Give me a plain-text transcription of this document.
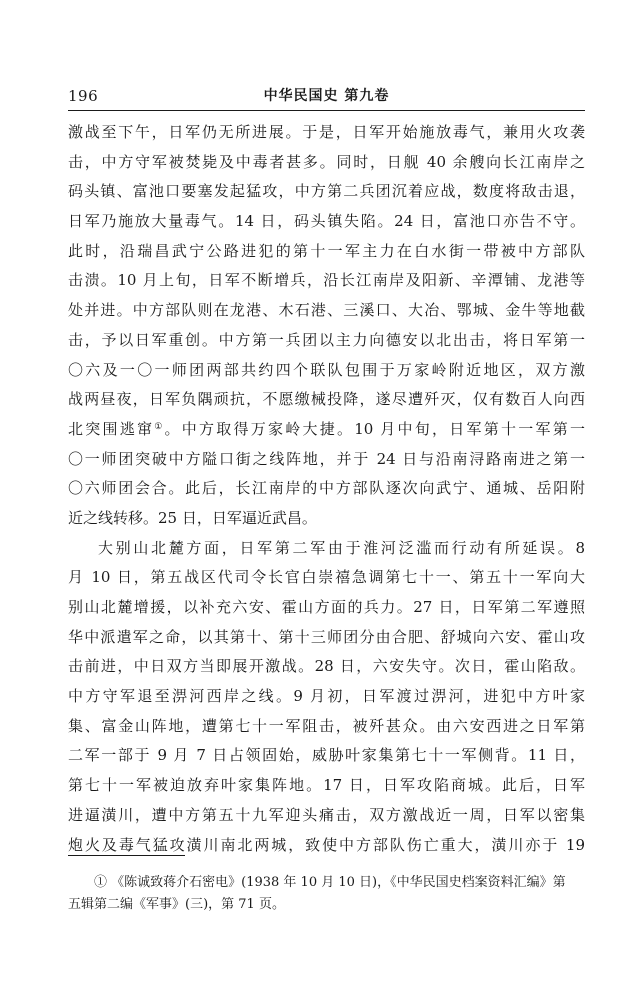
196	中华民国史 第九卷
激战至下午，日军仍无所进展。于是，日军开始施放毒气，兼用火攻袭
击，中方守军被焚毙及中毒者甚多。同时，日舰 40 余艘向长江南岸之
码头镇、富池口要塞发起猛攻，中方第二兵团沉着应战，数度将敌击退，
日军乃施放大量毒气。14 日，码头镇失陷。24 日，富池口亦告不守。
此时，沿瑞昌武宁公路进犯的第十一军主力在白水街一带被中方部队
击溃。10 月上旬，日军不断增兵，沿长江南岸及阳新、辛潭铺、龙港等
处并进。中方部队则在龙港、木石港、三溪口、大冶、鄂城、金牛等地截
击，予以日军重创。中方第一兵团以主力向德安以北出击，将日军第一
〇六及一〇一师团两部共约四个联队包围于万家岭附近地区，双方激
战两昼夜，日军负隅顽抗，不愿缴械投降，遂尽遭歼灭，仅有数百人向西
北突围逃窜①。中方取得万家岭大捷。10 月中旬，日军第十一军第一
〇一师团突破中方隘口街之线阵地，并于 24 日与沿南浔路南进之第一
〇六师团会合。此后，长江南岸的中方部队逐次向武宁、通城、岳阳附
近之线转移。25 日，日军逼近武昌。
大别山北麓方面，日军第二军由于淮河泛滥而行动有所延误。8
月 10 日，第五战区代司令长官白崇禧急调第七十一、第五十一军向大
别山北麓增援，以补充六安、霍山方面的兵力。27 日，日军第二军遵照
华中派遣军之命，以其第十、第十三师团分由合肥、舒城向六安、霍山攻
击前进，中日双方当即展开激战。28 日，六安失守。次日，霍山陷敌。
中方守军退至淠河西岸之线。9 月初，日军渡过淠河，进犯中方叶家
集、富金山阵地，遭第七十一军阻击，被歼甚众。由六安西进之日军第
二军一部于 9 月 7 日占领固始，威胁叶家集第七十一军侧背。11 日，
第七十一军被迫放弃叶家集阵地。17 日，日军攻陷商城。此后，日军
进逼潢川，遭中方第五十九军迎头痛击，双方激战近一周，日军以密集
炮火及毒气猛攻潢川南北两城，致使中方部队伤亡重大，潢川亦于 19
① 《陈诚致蒋介石密电》(1938 年 10 月 10 日)，《中华民国史档案资料汇编》第
五辑第二编《军事》(三)，第 71 页。
